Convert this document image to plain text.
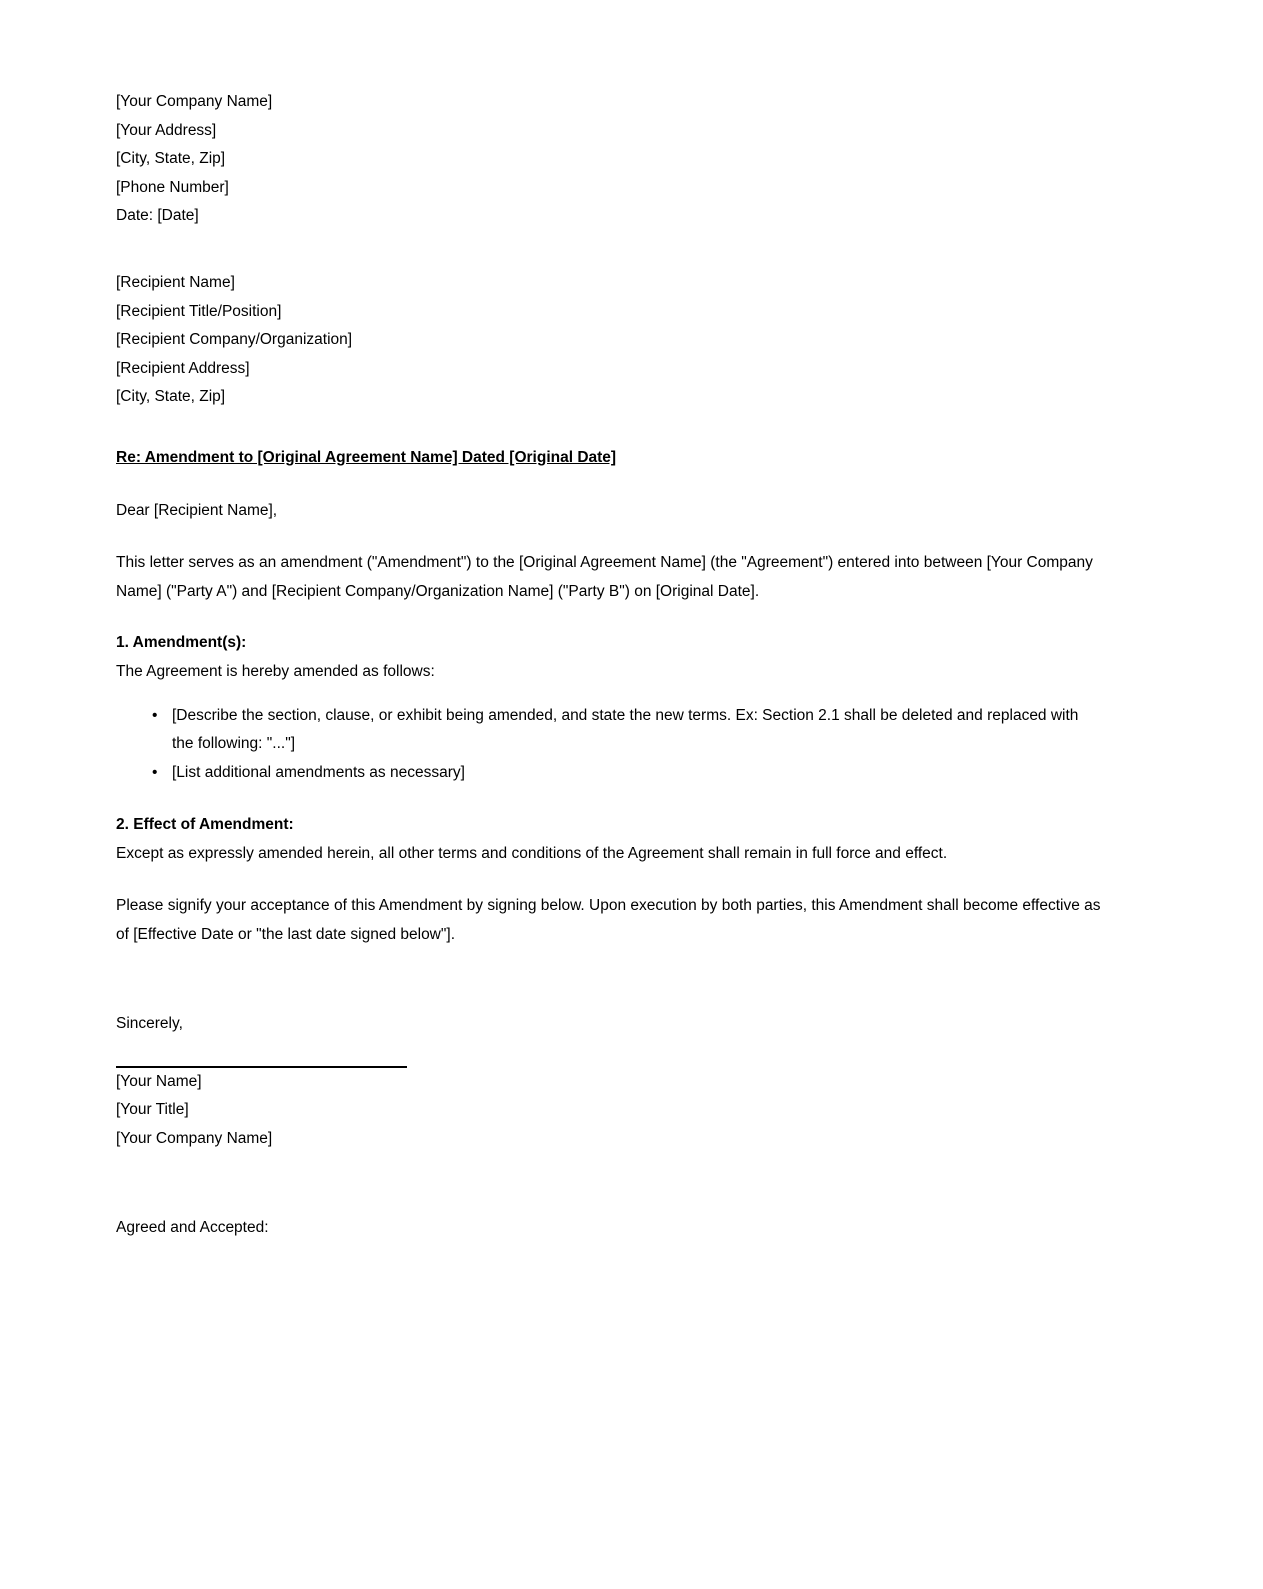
[Your Company Name]
[Your Address]
[City, State, Zip]
[Phone Number]
Date: [Date]
[Recipient Name]
[Recipient Title/Position]
[Recipient Company/Organization]
[Recipient Address]
[City, State, Zip]
Re: Amendment to [Original Agreement Name] Dated [Original Date]

Dear [Recipient Name],

This letter serves as an amendment ("Amendment") to the [Original Agreement Name] (the "Agreement") entered into between [Your Company Name] ("Party A") and [Recipient Company/Organization Name] ("Party B") on [Original Date].

1. Amendment(s):

The Agreement is hereby amended as follows:

• [Describe the section, clause, or exhibit being amended, and state the new terms. Ex: Section 2.1 shall be deleted and replaced with the following: "..."]
• [List additional amendments as necessary]

2. Effect of Amendment:

Except as expressly amended herein, all other terms and conditions of the Agreement shall remain in full force and effect.

Please signify your acceptance of this Amendment by signing below. Upon execution by both parties, this Amendment shall become effective as of [Effective Date or "the last date signed below"].

Sincerely,

[Your Name]
[Your Title]
[Your Company Name]

Agreed and Accepted:
